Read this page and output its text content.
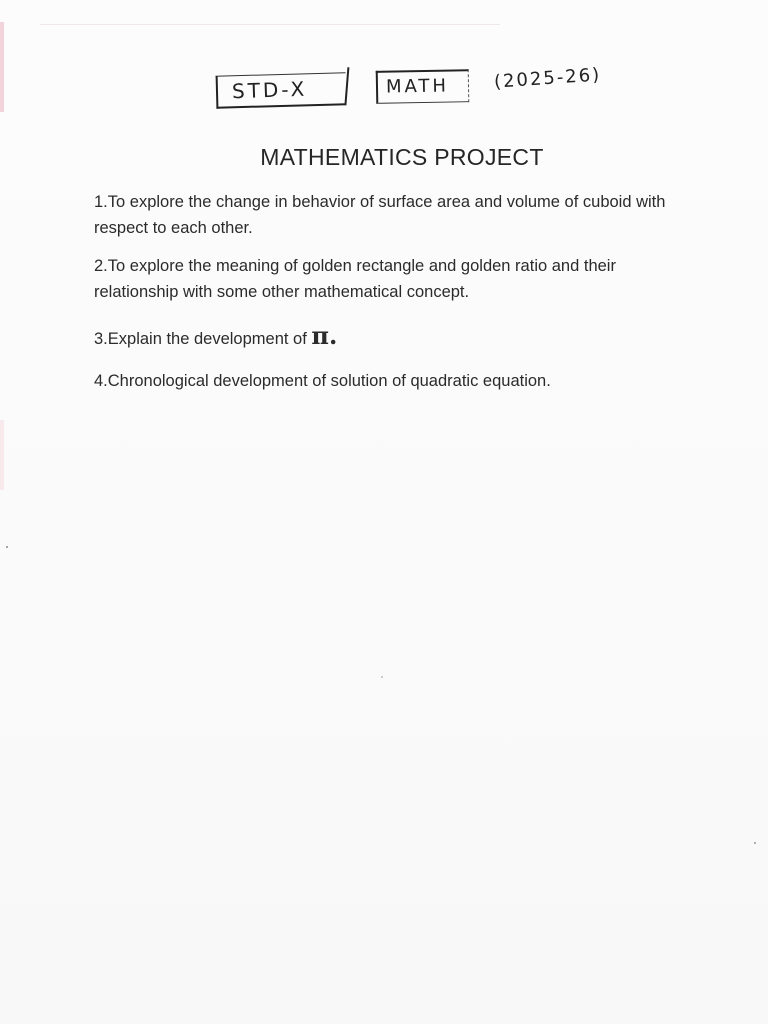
STD-X	MATH (2025-26)
MATHEMATICS PROJECT
1.To explore the change in behavior of surface area and volume of cuboid with respect to each other.
2.To explore the meaning of golden rectangle and golden ratio and their relationship with some other mathematical concept.
3.Explain the development of π.
4.Chronological development of solution of quadratic equation.
